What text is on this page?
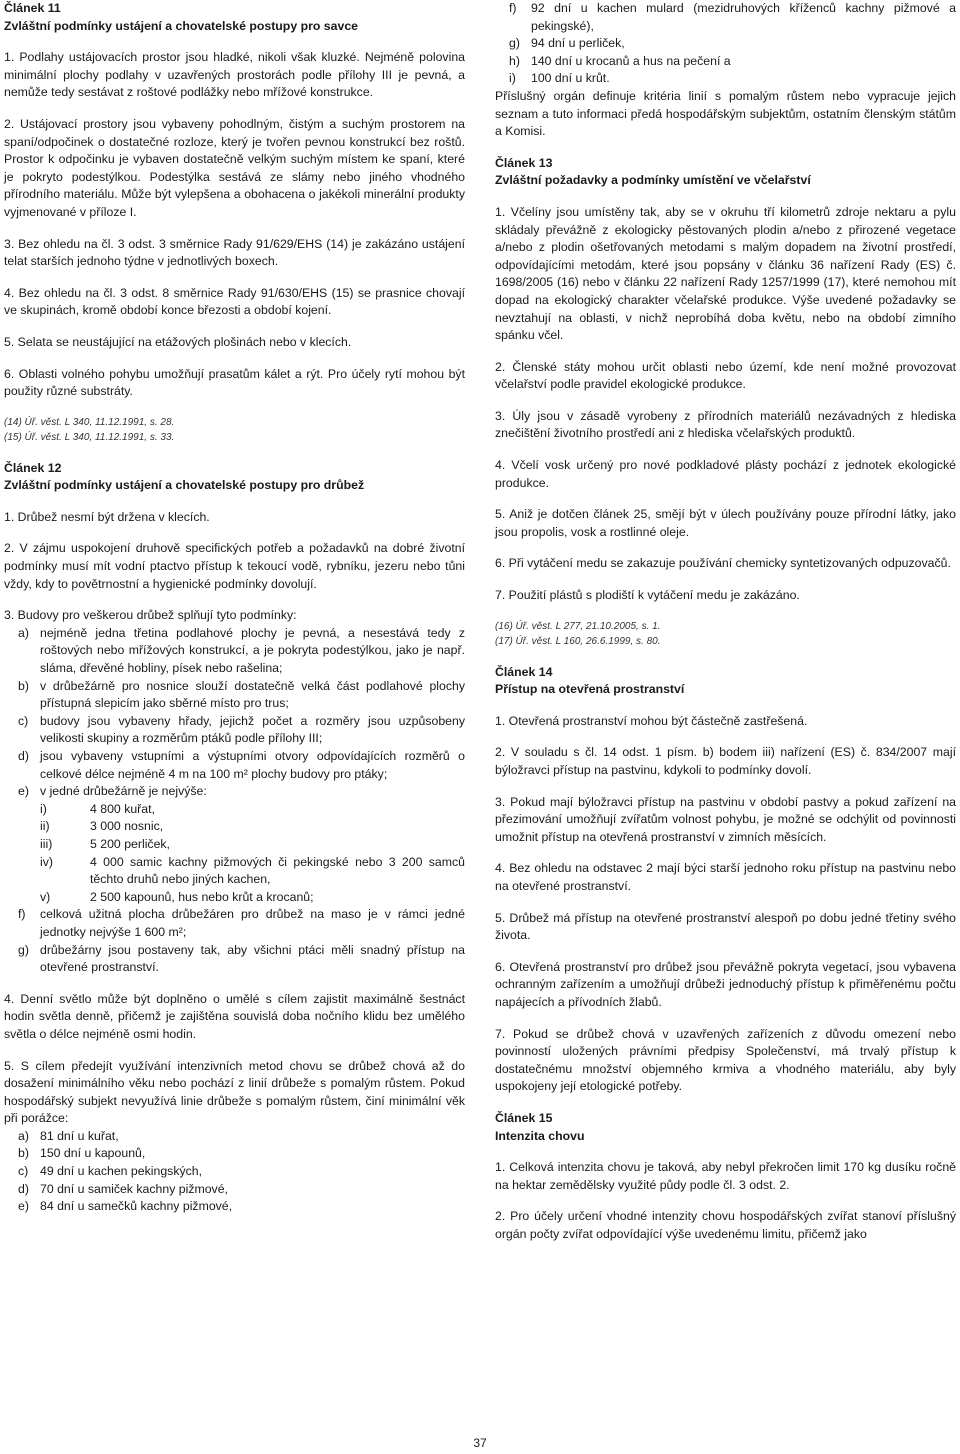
Článek 11

Zvláštní podmínky ustájení a chovatelské postupy pro savce

1. Podlahy ustájovacích prostor jsou hladké, nikoli však kluzké. Nejméně polovina minimální plochy podlahy v uzavřených prostorách podle přílohy III je pevná, a nemůže tedy sestávat z roštové podlážky nebo mřížové konstrukce.

2. Ustájovací prostory jsou vybaveny pohodlným, čistým a suchým prostorem na spaní/odpočinek o dostatečné rozloze, který je tvořen pevnou konstrukcí bez roštů. Prostor k odpočinku je vybaven dostatečně velkým suchým místem ke spaní, které je pokryto podestýlkou. Podestýlka sestává ze slámy nebo jiného vhodného přírodního materiálu. Může být vylepšena a obohacena o jakékoli minerální produkty vyjmenované v příloze I.

3. Bez ohledu na čl. 3 odst. 3 směrnice Rady 91/629/EHS (14) je zakázáno ustájení telat starších jednoho týdne v jednotlivých boxech.

4. Bez ohledu na čl. 3 odst. 8 směrnice Rady 91/630/EHS (15) se prasnice chovají ve skupinách, kromě období konce březosti a období kojení.

5. Selata se neustájující na etážových plošinách nebo v klecích.

6. Oblasti volného pohybu umožňují prasatům kálet a rýt. Pro účely rytí mohou být použity různé substráty.

(14) Úř. věst. L 340, 11.12.1991, s. 28.

(15) Úř. věst. L 340, 11.12.1991, s. 33.

Článek 12

Zvláštní podmínky ustájení a chovatelské postupy pro drůbež

1. Drůbež nesmí být držena v klecích.

2. V zájmu uspokojení druhově specifických potřeb a požadavků na dobré životní podmínky musí mít vodní ptactvo přístup k tekoucí vodě, rybníku, jezeru nebo tůni vždy, kdy to povětrnostní a hygienické podmínky dovolují.

3. Budovy pro veškerou drůbež splňují tyto podmínky:

a) nejméně jedna třetina podlahové plochy je pevná, a nesestává tedy z roštových nebo mřížových konstrukcí, a je pokryta podestýlkou, jako je např. sláma, dřevěné hobliny, písek nebo rašelina;
b) v drůbežárně pro nosnice slouží dostatečně velká část podlahové plochy přístupná slepicím jako sběrné místo pro trus;
c) budovy jsou vybaveny hřady, jejichž počet a rozměry jsou uzpůsobeny velikosti skupiny a rozměrům ptáků podle přílohy III;
d) jsou vybaveny vstupními a výstupními otvory odpovídajících rozměrů o celkové délce nejméně 4 m na 100 m² plochy budovy pro ptáky;
e) v jedné drůbežárně je nejvýše:
i)	4 800 kuřat,
ii)	3 000 nosnic,
iii)	5 200 perliček,
iv)	4 000 samic kachny pižmových či pekingské nebo 3 200 samců těchto druhů nebo jiných kachen,
v)	2 500 kapounů, hus nebo krůt a krocanů;
f) celková užitná plocha drůbežáren pro drůbež na maso je v rámci jedné jednotky nejvýše 1 600 m²;
g) drůbežárny jsou postaveny tak, aby všichni ptáci měli snadný přístup na otevřené prostranství.

4. Denní světlo může být doplněno o umělé s cílem zajistit maximálně šestnáct hodin světla denně, přičemž je zajištěna souvislá doba nočního klidu bez umělého světla o délce nejméně osmi hodin.

5. S cílem předejít využívání intenzivních metod chovu se drůbež chová až do dosažení minimálního věku nebo pochází z linií drůbeže s pomalým růstem. Pokud hospodářský subjekt nevyužívá linie drůbeže s pomalým růstem, činí minimální věk při porážce:

a) 81 dní u kuřat,
b) 150 dní u kapounů,
c) 49 dní u kachen pekingských,
d) 70 dní u samiček kachny pižmové,
e) 84 dní u samečků kachny pižmové,
f) 92 dní u kachen mulard (mezidruhových kříženců kachny pižmové a pekingské),
g) 94 dní u perliček,
h) 140 dní u krocanů a hus na pečení a
i) 100 dní u krůt.

Příslušný orgán definuje kritéria linií s pomalým růstem nebo vypracuje jejich seznam a tuto informaci předá hospodářským subjektům, ostatním členským státům a Komisi.

Článek 13

Zvláštní požadavky a podmínky umístění ve včelařství

1. Včelíny jsou umístěny tak, aby se v okruhu tří kilometrů zdroje nektaru a pylu skládaly převážně z ekologicky pěstovaných plodin a/nebo z přirozené vegetace a/nebo z plodin ošetřovaných metodami s malým dopadem na životní prostředí, odpovídajícími metodám, které jsou popsány v článku 36 nařízení Rady (ES) č. 1698/2005 (16) nebo v článku 22 nařízení Rady 1257/1999 (17), které nemohou mít dopad na ekologický charakter včelařské produkce. Výše uvedené požadavky se nevztahují na oblasti, v nichž neprobíhá doba květu, nebo na období zimního spánku včel.

2. Členské státy mohou určit oblasti nebo území, kde není možné provozovat včelařství podle pravidel ekologické produkce.

3. Úly jsou v zásadě vyrobeny z přírodních materiálů nezávadných z hlediska znečištění životního prostředí ani z hlediska včelařských produktů.

4. Včelí vosk určený pro nové podkladové plásty pochází z jednotek ekologické produkce.

5. Aniž je dotčen článek 25, smějí být v úlech používány pouze přírodní látky, jako jsou propolis, vosk a rostlinné oleje.

6. Při vytáčení medu se zakazuje používání chemicky syntetizovaných odpuzovačů.

7. Použití plástů s plodiští k vytáčení medu je zakázáno.

(16) Úř. věst. L 277, 21.10.2005, s. 1.

(17) Úř. věst. L 160, 26.6.1999, s. 80.

Článek 14

Přístup na otevřená prostranství

1. Otevřená prostranství mohou být částečně zastřešená.

2. V souladu s čl. 14 odst. 1 písm. b) bodem iii) nařízení (ES) č. 834/2007 mají býložravci přístup na pastvinu, kdykoli to podmínky dovolí.

3. Pokud mají býložravci přístup na pastvinu v období pastvy a pokud zařízení na přezimování umožňují zvířatům volnost pohybu, je možné se odchýlit od povinnosti umožnit přístup na otevřená prostranství v zimních měsících.

4. Bez ohledu na odstavec 2 mají býci starší jednoho roku přístup na pastvinu nebo na otevřené prostranství.

5. Drůbež má přístup na otevřené prostranství alespoň po dobu jedné třetiny svého života.

6. Otevřená prostranství pro drůbež jsou převážně pokryta vegetací, jsou vybavena ochranným zařízením a umožňují drůbeži jednoduchý přístup k přiměřenému počtu napájecích a přívodních žlabů.

7. Pokud se drůbež chová v uzavřených zařízeních z důvodu omezení nebo povinností uložených právními předpisy Společenství, má trvalý přístup k dostatečnému množství objemného krmiva a vhodného materiálu, aby byly uspokojeny její etologické potřeby.

Článek 15

Intenzita chovu

1. Celková intenzita chovu je taková, aby nebyl překročen limit 170 kg dusíku ročně na hektar zemědělsky využité půdy podle čl. 3 odst. 2.

2. Pro účely určení vhodné intenzity chovu hospodářských zvířat stanoví příslušný orgán počty zvířat odpovídající výše uvedenému limitu, přičemž jako

37
